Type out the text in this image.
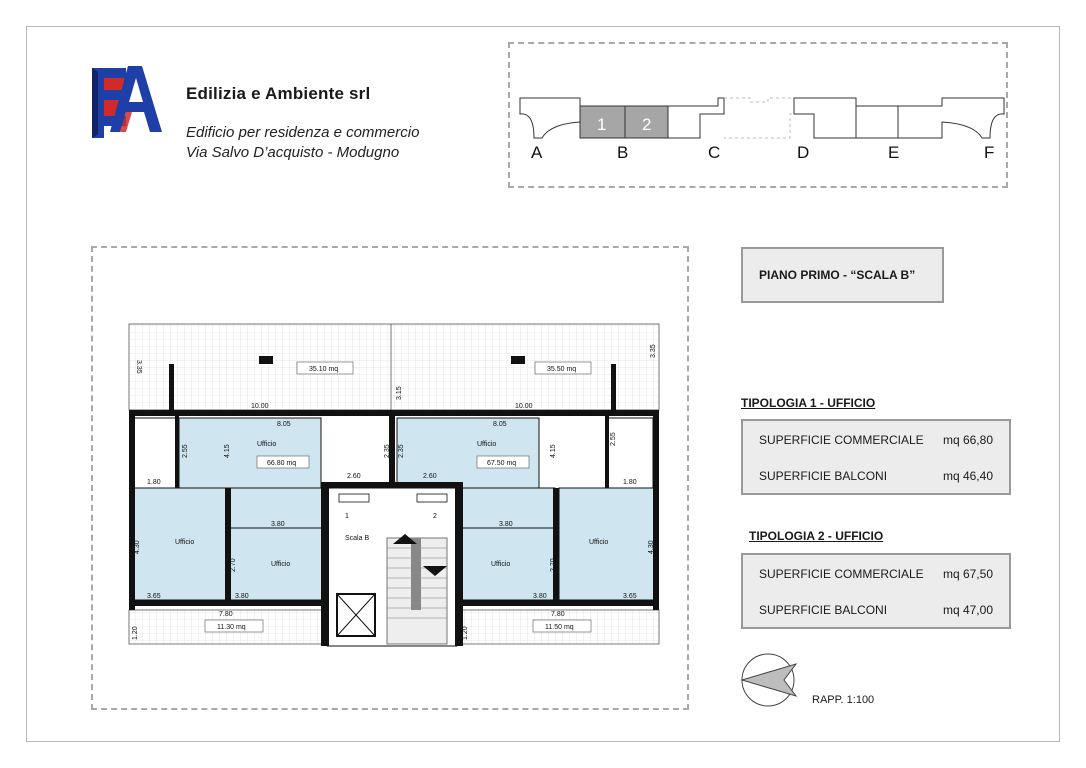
Edilizia e Ambiente srl
Edificio per residenza e commercio
Via Salvo D’acquisto - Modugno
1 2
A	B	C	D	E	F
35.10 mq	35.50 mq
66.80 mq	67.50 mq
11.30 mq	11.50 mq
Ufficio	Ufficio
Ufficio
Ufficio	Ufficio
Ufficio
Scala B
1	2
10.00	10.00
8.05	8.05
2.60	2.60
1.80	1.80
3.80	3.80
3.80	3.80
3.65	3.65
7.80	7.80
3.35
3.35
3.15
2.55
2.55
4.15	4.15
2.35 2.35
4.30	4.30
2.70	2.70
1.20	1.20
PIANO PRIMO - “SCALA B”
TIPOLOGIA 1 - UFFICIO
SUPERFICIE COMMERCIALE mq 66,80
SUPERFICIE BALCONI	mq 46,40
TIPOLOGIA 2 - UFFICIO
SUPERFICIE COMMERCIALE mq 67,50
SUPERFICIE BALCONI	mq 47,00
RAPP. 1:100
